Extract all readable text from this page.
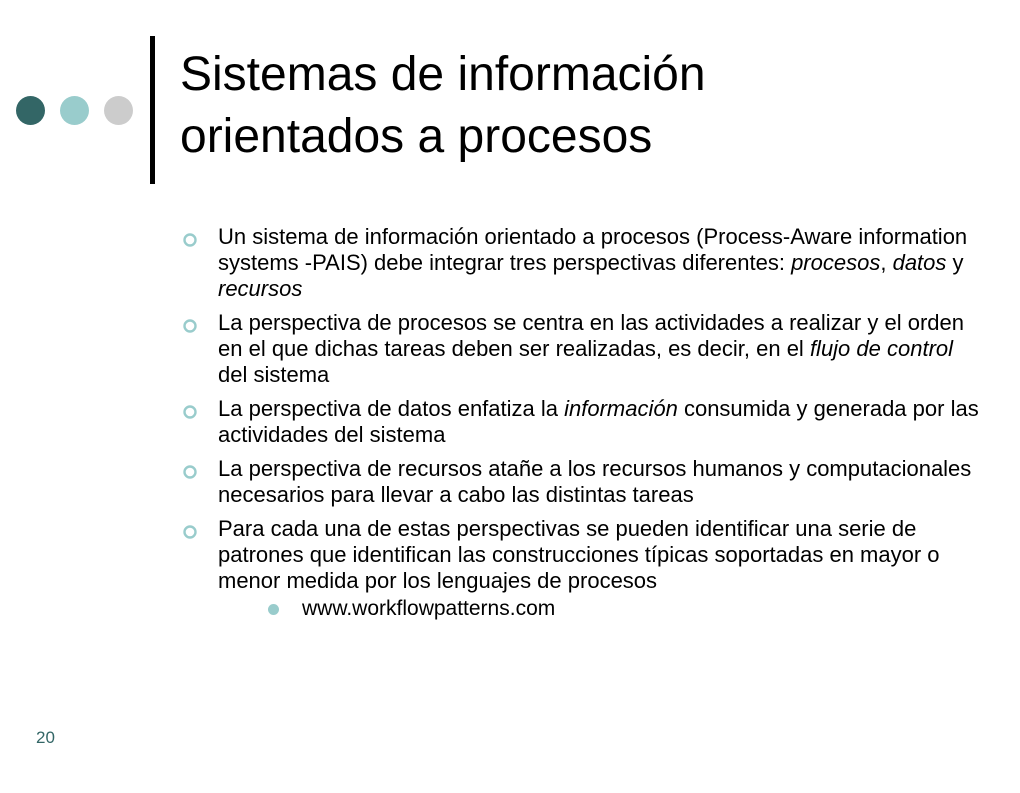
Sistemas de información
orientados a procesos
Un sistema de información orientado a procesos (Process-Aware information systems -PAIS) debe integrar tres perspectivas diferentes: procesos, datos y recursos
La perspectiva de procesos se centra en las actividades a realizar y el orden en el que dichas tareas deben ser realizadas, es decir, en el flujo de control del sistema
La perspectiva de datos enfatiza la información consumida y generada por las actividades del sistema
La perspectiva de recursos atañe a los recursos humanos y computacionales necesarios para llevar a cabo las distintas tareas
Para cada una de estas perspectivas se pueden identificar una serie de patrones que identifican las construcciones típicas soportadas en mayor o menor medida por los lenguajes de procesos
www.workflowpatterns.com
20
